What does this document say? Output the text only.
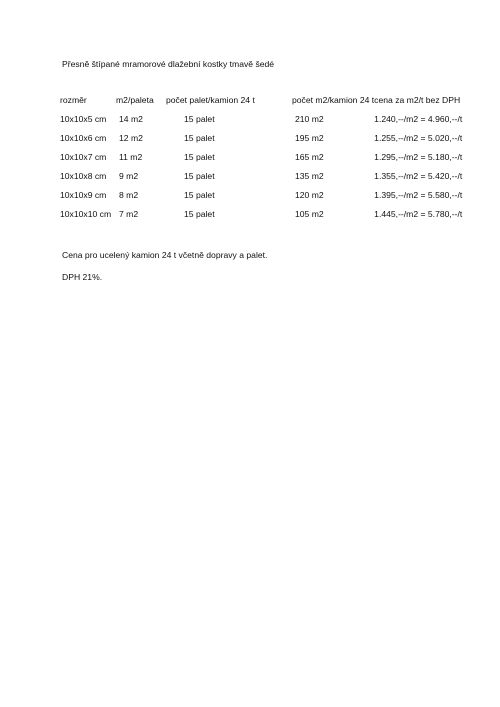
Přesně štípané mramorové dlažební kostky tmavě šedé
rozměr	m2/paleta	počet palet/kamion 24 t	počet m2/kamion 24 t	cena za m2/t bez DPH
10x10x5 cm	14 m2	15 palet	210 m2	1.240,--/m2 = 4.960,--/t
10x10x6 cm	12 m2	15 palet	195 m2	1.255,--/m2 = 5.020,--/t
10x10x7 cm	11 m2	15 palet	165 m2	1.295,--/m2 = 5.180,--/t
10x10x8 cm	9 m2	15 palet	135 m2	1.355,--/m2 = 5.420,--/t
10x10x9 cm	8 m2	15 palet	120 m2	1.395,--/m2 = 5.580,--/t
10x10x10 cm	7 m2	15 palet	105 m2	1.445,--/m2 = 5.780,--/t
Cena pro ucelený kamion 24 t včetně dopravy a palet.
DPH 21%.
